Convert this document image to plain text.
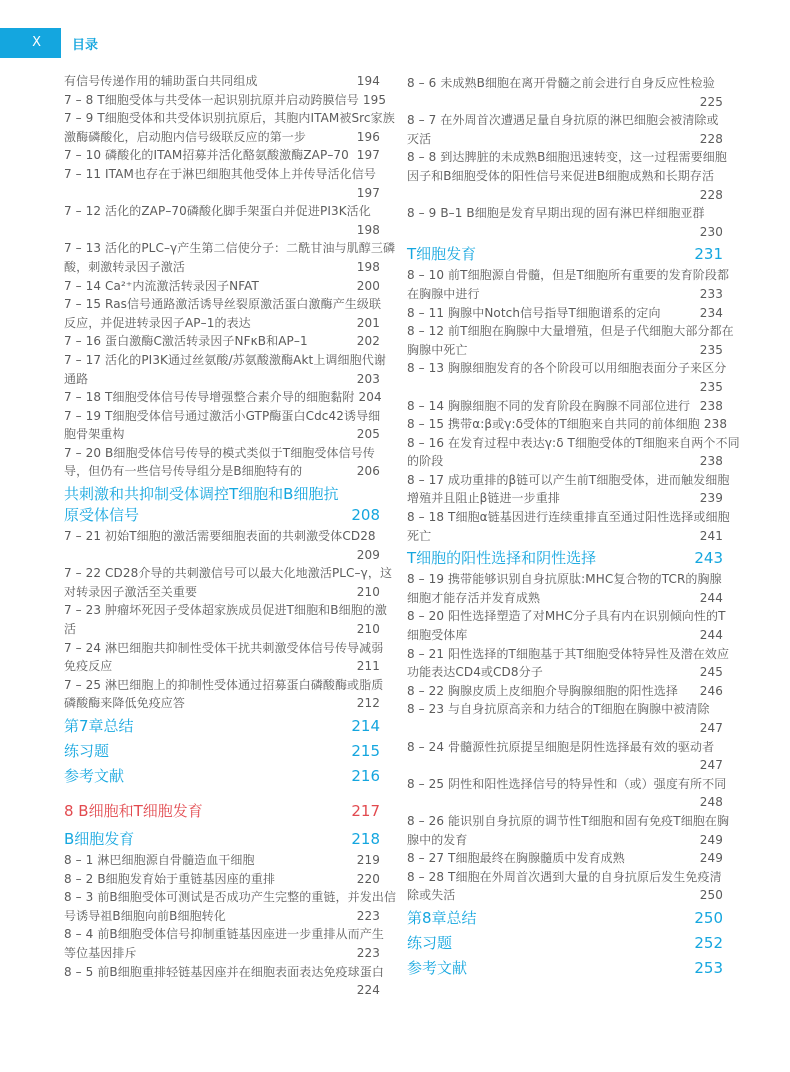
X	目录
有信号传递作用的辅助蛋白共同组成	194
7 – 8 T细胞受体与共受体一起识别抗原并启动跨膜信号 195
7 – 9 T细胞受体和共受体识别抗原后，其胞内ITAM被Src家族
激酶磷酸化，启动胞内信号级联反应的第一步	196
7 – 10 磷酸化的ITAM招募并活化酪氨酸激酶ZAP–70 197
7 – 11 ITAM也存在于淋巴细胞其他受体上并传导活化信号
197
7 – 12 活化的ZAP–70磷酸化脚手架蛋白并促进PI3K活化
198
7 – 13 活化的PLC–γ产生第二信使分子：二酰甘油与肌醇三磷
酸，刺激转录因子激活	198
7 – 14 Ca²⁺内流激活转录因子NFAT	200
7 – 15 Ras信号通路激活诱导丝裂原激活蛋白激酶产生级联
反应，并促进转录因子AP–1的表达	201
7 – 16 蛋白激酶C激活转录因子NFκB和AP–1	202
7 – 17 活化的PI3K通过丝氨酸/苏氨酸激酶Akt上调细胞代谢
通路	203
7 – 18 T细胞受体信号传导增强整合素介导的细胞黏附 204
7 – 19 T细胞受体信号通过激活小GTP酶蛋白Cdc42诱导细
胞骨架重构	205
7 – 20 B细胞受体信号传导的模式类似于T细胞受体信号传
导，但仍有一些信号传导组分是B细胞特有的	206
共刺激和共抑制受体调控T细胞和B细胞抗原受体信号	208
7 – 21 初始T细胞的激活需要细胞表面的共刺激受体CD28
209
7 – 22 CD28介导的共刺激信号可以最大化地激活PLC–γ，这
对转录因子激活至关重要	210
7 – 23 肿瘤坏死因子受体超家族成员促进T细胞和B细胞的激
活	210
7 – 24 淋巴细胞共抑制性受体干扰共刺激受体信号传导减弱
免疫反应	211
7 – 25 淋巴细胞上的抑制性受体通过招募蛋白磷酸酶或脂质
磷酸酶来降低免疫应答	212
第7章总结	214
练习题	215
参考文献	216
8 B细胞和T细胞发育	217
B细胞发育	218
8 – 1 淋巴细胞源自骨髓造血干细胞	219
8 – 2 B细胞发育始于重链基因座的重排	220
8 – 3 前B细胞受体可测试是否成功产生完整的重链，并发出信
号诱导祖B细胞向前B细胞转化	223
8 – 4 前B细胞受体信号抑制重链基因座进一步重排从而产生
等位基因排斥	223
8 – 5 前B细胞重排轻链基因座并在细胞表面表达免疫球蛋白
224
8 – 6 未成熟B细胞在离开骨髓之前会进行自身反应性检验
225
8 – 7 在外周首次遭遇足量自身抗原的淋巴细胞会被清除或
灭活	228
8 – 8 到达脾脏的未成熟B细胞迅速转变，这一过程需要细胞
因子和B细胞受体的阳性信号来促进B细胞成熟和长期存活
228
8 – 9 B–1 B细胞是发育早期出现的固有淋巴样细胞亚群
230
T细胞发育	231
8 – 10 前T细胞源自骨髓，但是T细胞所有重要的发育阶段都
在胸腺中进行	233
8 – 11 胸腺中Notch信号指导T细胞谱系的定向	234
8 – 12 前T细胞在胸腺中大量增殖，但是子代细胞大部分都在
胸腺中死亡	235
8 – 13 胸腺细胞发育的各个阶段可以用细胞表面分子来区分
235
8 – 14 胸腺细胞不同的发育阶段在胸腺不同部位进行 238
8 – 15 携带α:β或γ:δ受体的T细胞来自共同的前体细胞 238
8 – 16 在发育过程中表达γ:δ T细胞受体的T细胞来自两个不同
的阶段	238
8 – 17 成功重排的β链可以产生前T细胞受体，进而触发细胞
增殖并且阻止β链进一步重排	239
8 – 18 T细胞α链基因进行连续重排直至通过阳性选择或细胞
死亡	241
T细胞的阳性选择和阴性选择	243
8 – 19 携带能够识别自身抗原肽:MHC复合物的TCR的胸腺
细胞才能存活并发育成熟	244
8 – 20 阳性选择塑造了对MHC分子具有内在识别倾向性的T
细胞受体库	244
8 – 21 阳性选择的T细胞基于其T细胞受体特异性及潜在效应
功能表达CD4或CD8分子	245
8 – 22 胸腺皮质上皮细胞介导胸腺细胞的阳性选择 246
8 – 23 与自身抗原高亲和力结合的T细胞在胸腺中被清除
247
8 – 24 骨髓源性抗原提呈细胞是阴性选择最有效的驱动者
247
8 – 25 阴性和阳性选择信号的特异性和（或）强度有所不同
248
8 – 26 能识别自身抗原的调节性T细胞和固有免疫T细胞在胸
腺中的发育	249
8 – 27 T细胞最终在胸腺髓质中发育成熟	249
8 – 28 T细胞在外周首次遇到大量的自身抗原后发生免疫清
除或失活	250
第8章总结	250
练习题	252
参考文献	253
